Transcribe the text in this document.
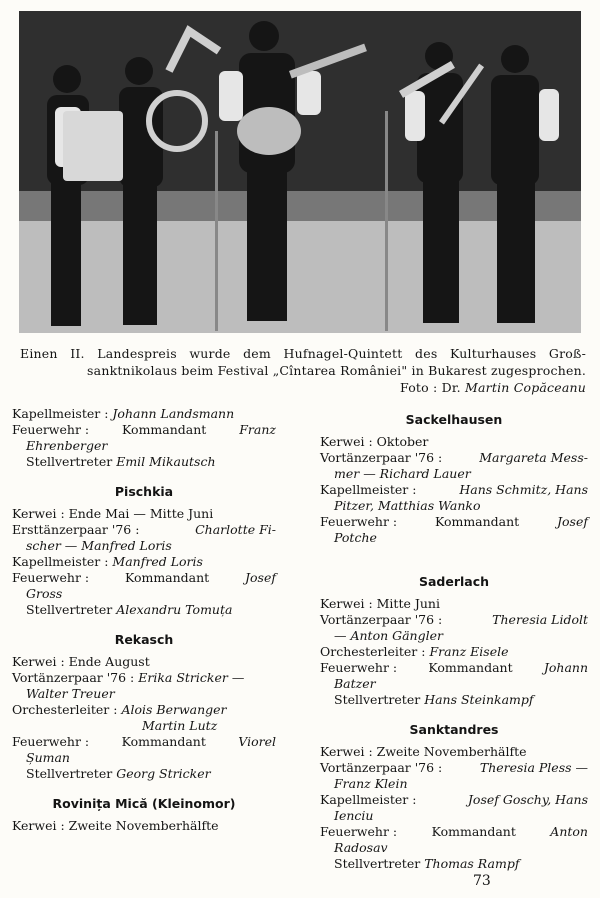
Einen II. Landespreis wurde dem Hufnagel-Quintett des Kulturhauses Groß-
sanktnikolaus beim Festival „Cîntarea României" in Bukarest zugesprochen.
Foto : Dr. Martin Copăceanu
Kapellmeister : Johann Landsmann
Feuerwehr :	Kommandant	Franz
Ehrenberger
Stellvertreter Emil Mikautsch
Pischkia
Kerwei : Ende Mai — Mitte Juni
Ersttänzerpaar '76 :	Charlotte Fi-
scher — Manfred Loris
Kapellmeister : Manfred Loris
Feuerwehr :	Kommandant	Josef
Gross
Stellvertreter Alexandru Tomuța
Rekasch
Kerwei : Ende August
Vortänzerpaar '76 : Erika Stricker —
Walter Treuer
Orchesterleiter : Alois Berwanger
Martin Lutz
Feuerwehr :	Kommandant	Viorel
Șuman
Stellvertreter Georg Stricker
Rovinița Mică (Kleinomor)
Kerwei : Zweite Novemberhälfte
Sackelhausen
Kerwei : Oktober
Vortänzerpaar '76 :	Margareta Mess-
mer — Richard Lauer
Kapellmeister :	Hans Schmitz, Hans
Pitzer, Matthias Wanko
Feuerwehr :	Kommandant	Josef
Potche
Saderlach
Kerwei : Mitte Juni
Vortänzerpaar '76 :	Theresia Lidolt
— Anton Gängler
Orchesterleiter : Franz Eisele
Feuerwehr : Kommandant Johann
Batzer
Stellvertreter Hans Steinkampf
Sanktandres
Kerwei : Zweite Novemberhälfte
Vortänzerpaar '76 :	Theresia Pless —
Franz Klein
Kapellmeister :	Josef Goschy, Hans
Ienciu
Feuerwehr :	Kommandant	Anton
Radosav
Stellvertreter Thomas Rampf
73
